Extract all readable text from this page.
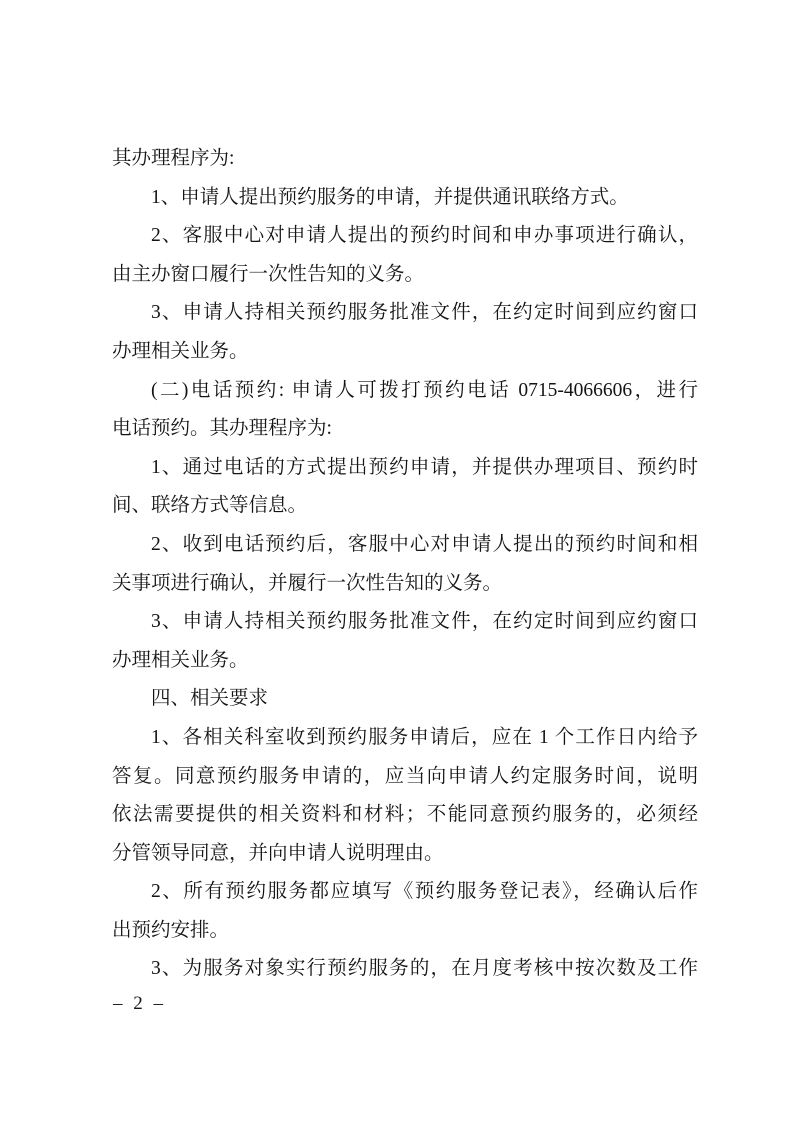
其办理程序为:
1、申请人提出预约服务的申请，并提供通讯联络方式。
2、客服中心对申请人提出的预约时间和申办事项进行确认，
由主办窗口履行一次性告知的义务。
3、申请人持相关预约服务批准文件，在约定时间到应约窗口
办理相关业务。
(二)电话预约: 申请人可拨打预约电话 0715-4066606，进行
电话预约。其办理程序为:
1、通过电话的方式提出预约申请，并提供办理项目、预约时
间、联络方式等信息。
2、收到电话预约后，客服中心对申请人提出的预约时间和相
关事项进行确认，并履行一次性告知的义务。
3、申请人持相关预约服务批准文件，在约定时间到应约窗口
办理相关业务。
四、相关要求
1、各相关科室收到预约服务申请后，应在 1 个工作日内给予
答复。同意预约服务申请的，应当向申请人约定服务时间，说明
依法需要提供的相关资料和材料；不能同意预约服务的，必须经
分管领导同意，并向申请人说明理由。
2、所有预约服务都应填写《预约服务登记表》，经确认后作
出预约安排。
3、为服务对象实行预约服务的，在月度考核中按次数及工作
– 2 –
